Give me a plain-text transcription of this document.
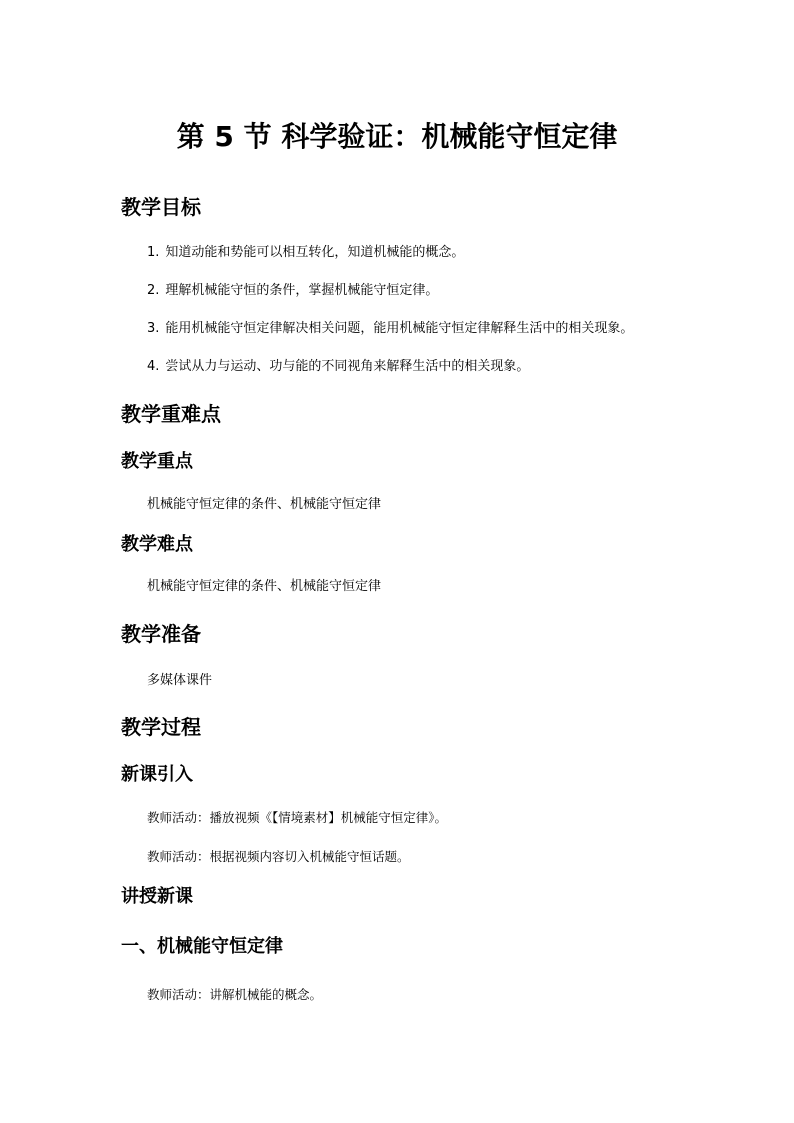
第 5 节 科学验证：机械能守恒定律
教学目标
1. 知道动能和势能可以相互转化，知道机械能的概念。
2. 理解机械能守恒的条件，掌握机械能守恒定律。
3. 能用机械能守恒定律解决相关问题，能用机械能守恒定律解释生活中的相关现象。
4. 尝试从力与运动、功与能的不同视角来解释生活中的相关现象。
教学重难点
教学重点

机械能守恒定律的条件、机械能守恒定律

教学难点

机械能守恒定律的条件、机械能守恒定律

教学准备

多媒体课件

教学过程
新课引入

教师活动：播放视频《【情境素材】机械能守恒定律》。

教师活动：根据视频内容切入机械能守恒话题。

讲授新课
一、机械能守恒定律

教师活动：讲解机械能的概念。
